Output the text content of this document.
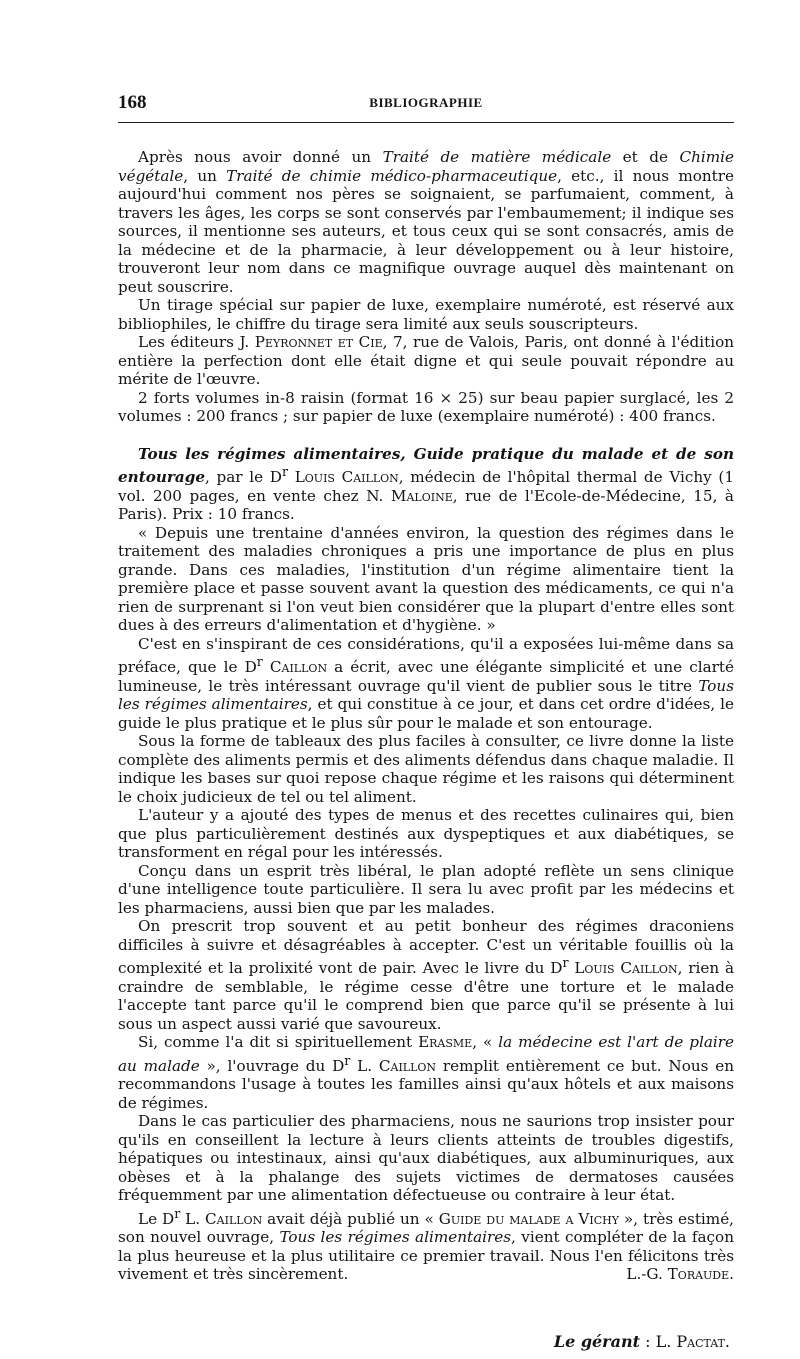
168	BIBLIOGRAPHIE

Après nous avoir donné un Traité de matière médicale et de Chimie végétale, un Traité de chimie médico-pharmaceutique, etc., il nous montre aujourd'hui comment nos pères se soignaient, se parfumaient, comment, à travers les âges, les corps se sont conservés par l'embaumement; il indique ses sources, il mentionne ses auteurs, et tous ceux qui se sont consacrés, amis de la médecine et de la pharmacie, à leur développement ou à leur histoire, trouveront leur nom dans ce magnifique ouvrage auquel dès maintenant on peut souscrire.

Un tirage spécial sur papier de luxe, exemplaire numéroté, est réservé aux bibliophiles, le chiffre du tirage sera limité aux seuls souscripteurs.

Les éditeurs J. Peyronnet et Cie, 7, rue de Valois, Paris, ont donné à l'édition entière la perfection dont elle était digne et qui seule pouvait répondre au mérite de l'œuvre.

2 forts volumes in-8 raisin (format 16 × 25) sur beau papier surglacé, les 2 volumes : 200 francs ; sur papier de luxe (exemplaire numéroté) : 400 francs.

Tous les régimes alimentaires, Guide pratique du malade et de son entourage, par le $D^r$ Louis Caillon, médecin de l'hôpital thermal de Vichy (1 vol. 200 pages, en vente chez N. Maloine, rue de l'Ecole-de-Médecine, 15, à Paris). Prix : 10 francs.

« Depuis une trentaine d'années environ, la question des régimes dans le traitement des maladies chroniques a pris une importance de plus en plus grande. Dans ces maladies, l'institution d'un régime alimentaire tient la première place et passe souvent avant la question des médicaments, ce qui n'a rien de surprenant si l'on veut bien considérer que la plupart d'entre elles sont dues à des erreurs d'alimentation et d'hygiène. »

C'est en s'inspirant de ces considérations, qu'il a exposées lui-même dans sa préface, que le $D^r$ Caillon a écrit, avec une élégante simplicité et une clarté lumineuse, le très intéressant ouvrage qu'il vient de publier sous le titre Tous les régimes alimentaires, et qui constitue à ce jour, et dans cet ordre d'idées, le guide le plus pratique et le plus sûr pour le malade et son entourage.

Sous la forme de tableaux des plus faciles à consulter, ce livre donne la liste complète des aliments permis et des aliments défendus dans chaque maladie. Il indique les bases sur quoi repose chaque régime et les raisons qui déterminent le choix judicieux de tel ou tel aliment.

L'auteur y a ajouté des types de menus et des recettes culinaires qui, bien que plus particulièrement destinés aux dyspeptiques et aux diabétiques, se transforment en régal pour les intéressés.

Conçu dans un esprit très libéral, le plan adopté reflète un sens clinique d'une intelligence toute particulière. Il sera lu avec profit par les médecins et les pharmaciens, aussi bien que par les malades.

On prescrit trop souvent et au petit bonheur des régimes draconiens difficiles à suivre et désagréables à accepter. C'est un véritable fouillis où la complexité et la prolixité vont de pair. Avec le livre du $D^r$ Louis Caillon, rien à craindre de semblable, le régime cesse d'être une torture et le malade l'accepte tant parce qu'il le comprend bien que parce qu'il se présente à lui sous un aspect aussi varié que savoureux.

Si, comme l'a dit si spirituellement Erasme, « la médecine est l'art de plaire au malade », l'ouvrage du $D^r$ L. Caillon remplit entièrement ce but. Nous en recommandons l'usage à toutes les familles ainsi qu'aux hôtels et aux maisons de régimes.

Dans le cas particulier des pharmaciens, nous ne saurions trop insister pour qu'ils en conseillent la lecture à leurs clients atteints de troubles digestifs, hépatiques ou intestinaux, ainsi qu'aux diabétiques, aux albuminuriques, aux obèses et à la phalange des sujets victimes de dermatoses causées fréquemment par une alimentation défectueuse ou contraire à leur état.

Le $D^r$ L. Caillon avait déjà publié un « Guide du malade a Vichy », très estimé, son nouvel ouvrage, Tous les régimes alimentaires, vient compléter de la façon la plus heureuse et la plus utilitaire ce premier travail. Nous l'en félicitons très vivement et très sincèrement.	L.-G. Toraude.

Le gérant : L. Pactat.
